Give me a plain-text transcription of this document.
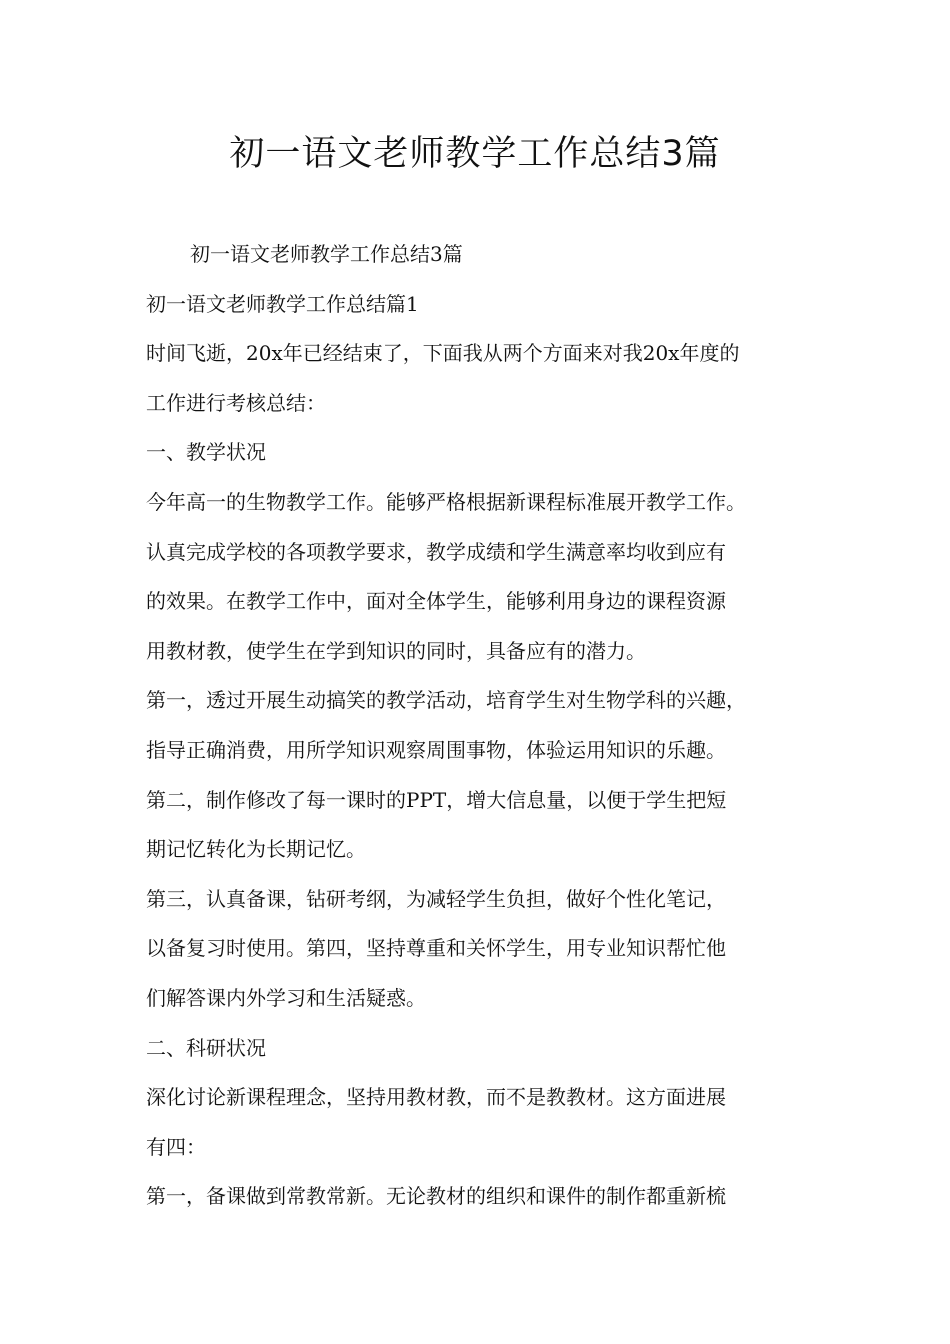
初一语文老师教学工作总结3篇

初一语文老师教学工作总结3篇

初一语文老师教学工作总结篇1

时间飞逝，20x年已经结束了，下面我从两个方面来对我20x年度的

工作进行考核总结：

一、教学状况

今年高一的生物教学工作。能够严格根据新课程标准展开教学工作。

认真完成学校的各项教学要求，教学成绩和学生满意率均收到应有

的效果。在教学工作中，面对全体学生，能够利用身边的课程资源

用教材教，使学生在学到知识的同时，具备应有的潜力。

第一，透过开展生动搞笑的教学活动，培育学生对生物学科的兴趣，

指导正确消费，用所学知识观察周围事物，体验运用知识的乐趣。

第二，制作修改了每一课时的PPT，增大信息量，以便于学生把短

期记忆转化为长期记忆。

第三，认真备课，钻研考纲，为减轻学生负担，做好个性化笔记，

以备复习时使用。第四，坚持尊重和关怀学生，用专业知识帮忙他

们解答课内外学习和生活疑惑。

二、科研状况

深化讨论新课程理念，坚持用教材教，而不是教教材。这方面进展

有四：

第一，备课做到常教常新。无论教材的组织和课件的制作都重新梳
